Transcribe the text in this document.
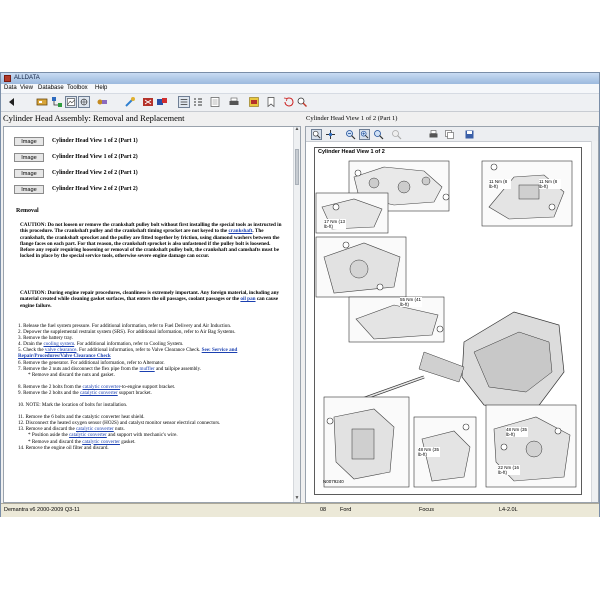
ALLDATA
Data View Database Toolbox Help
Cylinder Head Assembly: Removal and Replacement	Cylinder Head View 1 of 2 (Part 1)
Image	Cylinder Head View 1 of 2 (Part 1)
Image	Cylinder Head View 1 of 2 (Part 2)
Image	Cylinder Head View 2 of 2 (Part 1)
Image	Cylinder Head View 2 of 2 (Part 2)
Removal
CAUTION: Do not loosen or remove the crankshaft pulley bolt without first installing the special tools as instructed in this procedure. The crankshaft pulley and the crankshaft timing sprocket are not keyed to the crankshaft. The crankshaft, the crankshaft sprocket and the pulley are fitted together by friction, using diamond washers between the flange faces on each part. For that reason, the crankshaft sprocket is also unfastened if the pulley bolt is loosened. Before any repair requiring loosening or removal of the crankshaft pulley bolt, the crankshaft and camshafts must be locked in place by the special service tools, otherwise severe engine damage can occur.
CAUTION: During engine repair procedures, cleanliness is extremely important. Any foreign material, including any material created while cleaning gasket surfaces, that enters the oil passages, coolant passages or the oil pan can cause engine failure.
1. Release the fuel system pressure. For additional information, refer to Fuel Delivery and Air Induction.
2. Depower the supplemental restraint system (SRS). For additional information, refer to Air Bag Systems.
3. Remove the battery tray.
4. Drain the cooling system. For additional information, refer to Cooling System.
5. Check the valve clearance. For additional information, refer to Valve Clearance Check. See: Service and Repair/Procedures/Valve Clearance Check
6. Remove the generator. For additional information, refer to Alternator.
7. Remove the 2 nuts and disconnect the flex pipe from the muffler and tailpipe assembly.
* Remove and discard the nuts and gasket.
8. Remove the 2 bolts from the catalytic converter-to-engine support bracket.
9. Remove the 2 bolts and the catalytic converter support bracket.
10. NOTE: Mark the location of bolts for installation.
11. Remove the 6 bolts and the catalytic converter heat shield.
12. Disconnect the heated oxygen sensor (HO2S) and catalyst monitor sensor electrical connectors.
13. Remove and discard the catalytic converter nuts.
* Position aside the catalytic converter and support with mechanic's wire.
* Remove and discard the catalytic converter gasket.
14. Remove the engine oil filter and discard.
▲
▼
Cylinder Head View 1 of 2
11 Nm (8 lb-ft)
11 Nm (8 lb-ft)
17 Nm (13 lb-ft)
55 Nm (41 lb-ft)
48 Nm (35 lb-ft)
48 Nm (35 lb-ft)
22 Nm (16 lb-ft)
N0079240
Demantra v6 2000-2009 Q3-11	08	Ford	Focus	L4-2.0L
